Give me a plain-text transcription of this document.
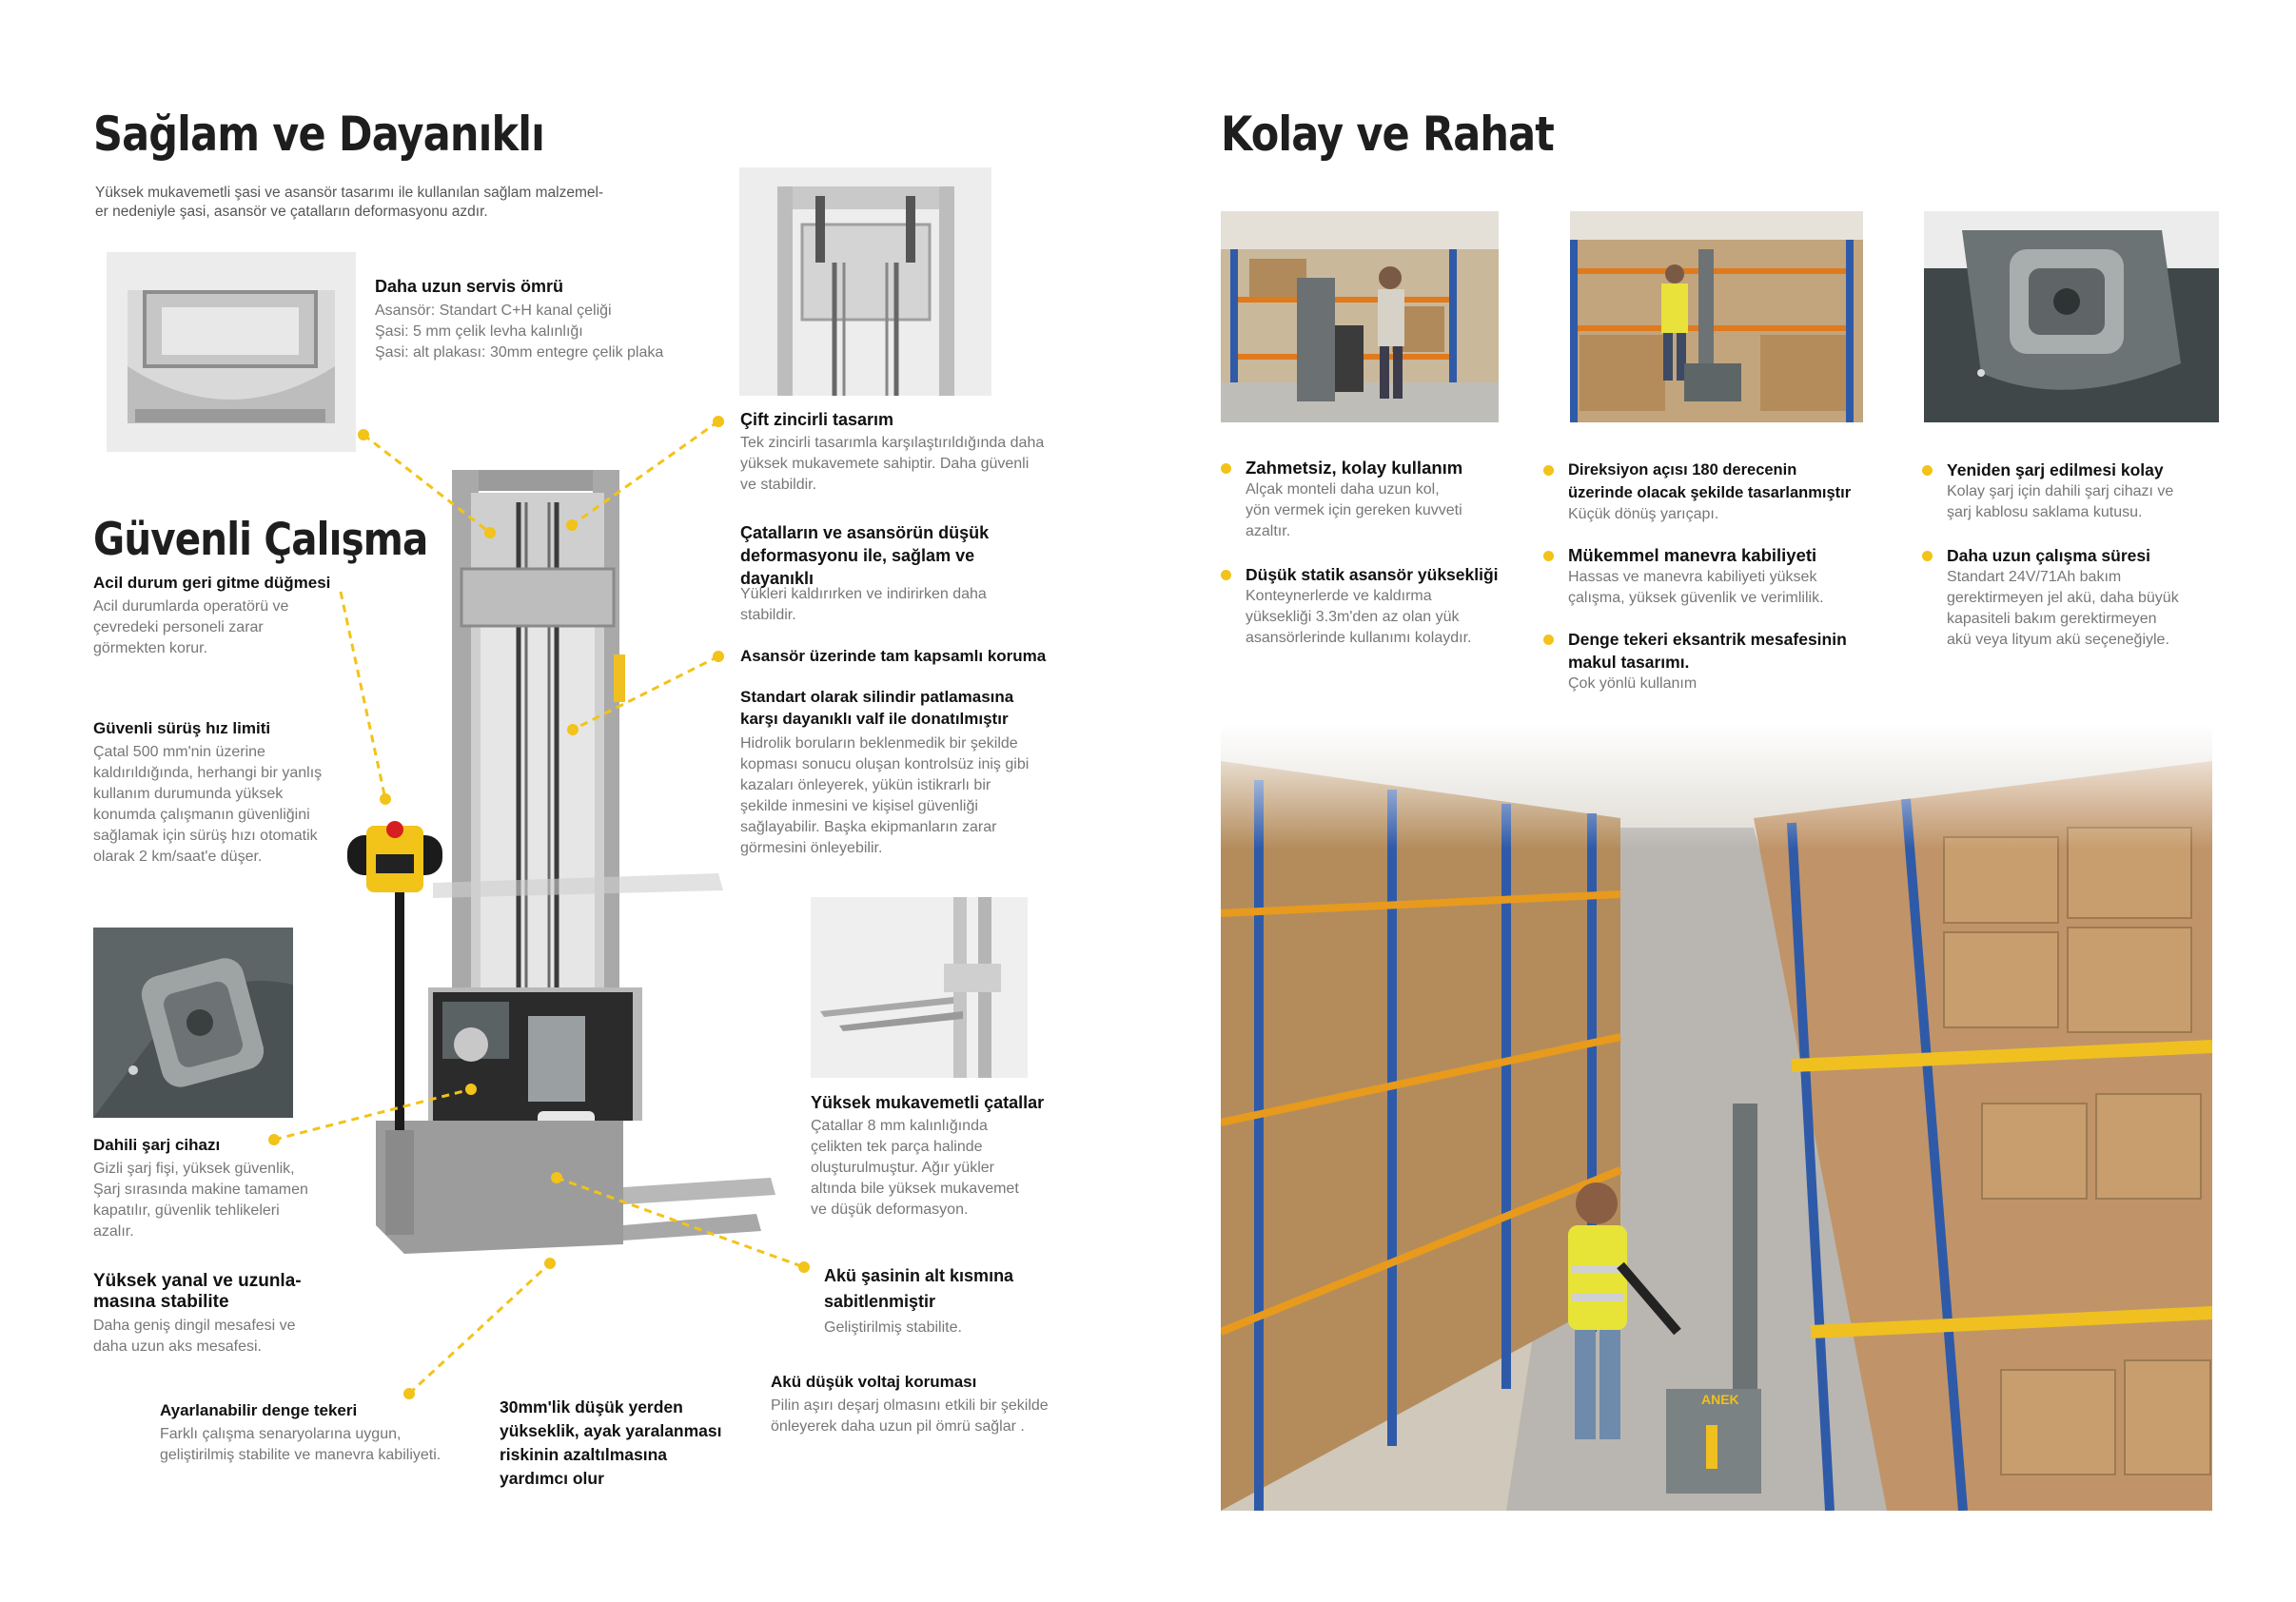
Sağlam ve Dayanıklı
Yüksek mukavemetli şasi ve asansör tasarımı ile kullanılan sağlam malzemel-
er nedeniyle şasi, asansör ve çatalların deformasyonu azdır.
Güvenli Çalışma
Daha uzun servis ömrü
Asansör: Standart C+H kanal çeliği
Şasi: 5 mm çelik levha kalınlığı
Şasi: alt plakası: 30mm entegre çelik plaka
Acil durum geri gitme düğmesi
Acil durumlarda operatörü ve
çevredeki personeli zarar
görmekten korur.
Güvenli sürüş hız limiti
Çatal 500 mm'nin üzerine
kaldırıldığında, herhangi bir yanlış
kullanım durumunda yüksek
konumda çalışmanın güvenliğini
sağlamak için sürüş hızı otomatik
olarak 2 km/saat'e düşer.
Dahili şarj cihazı
Gizli şarj fişi, yüksek güvenlik,
Şarj sırasında makine tamamen
kapatılır, güvenlik tehlikeleri
azalır.
Yüksek yanal ve uzunla-
masına stabilite
Daha geniş dingil mesafesi ve
daha uzun aks mesafesi.
Ayarlanabilir denge tekeri
Farklı çalışma senaryolarına uygun,
geliştirilmiş stabilite ve manevra kabiliyeti.
30mm'lik düşük yerden
yükseklik, ayak yaralanması
riskinin azaltılmasına
yardımcı olur
Çift zincirli tasarım
Tek zincirli tasarımla karşılaştırıldığında daha
yüksek mukavemete sahiptir. Daha güvenli
ve stabildir.
Çatalların ve asansörün düşük
deformasyonu ile, sağlam ve
dayanıklı
Yükleri kaldırırken ve indirirken daha
stabildir.
Asansör üzerinde tam kapsamlı koruma
Standart olarak silindir patlamasına
karşı dayanıklı valf ile donatılmıştır
Hidrolik boruların beklenmedik bir şekilde
kopması sonucu oluşan kontrolsüz iniş gibi
kazaları önleyerek, yükün istikrarlı bir
şekilde inmesini ve kişisel güvenliği
sağlayabilir. Başka ekipmanların zarar
görmesini önleyebilir.
Yüksek mukavemetli çatallar
Çatallar 8 mm kalınlığında
çelikten tek parça halinde
oluşturulmuştur. Ağır yükler
altında bile yüksek mukavemet
ve düşük deformasyon.
Akü şasinin alt kısmına
sabitlenmiştir
Geliştirilmiş stabilite.
Akü düşük voltaj koruması
Pilin aşırı deşarj olmasını etkili bir şekilde
önleyerek daha uzun pil ömrü sağlar .
Kolay ve Rahat
Zahmetsiz, kolay kullanım
Alçak monteli daha uzun kol,
yön vermek için gereken kuvveti
azaltır.
Düşük statik asansör yüksekliği
Konteynerlerde ve kaldırma
yüksekliği 3.3m'den az olan yük
asansörlerinde kullanımı kolaydır.
Direksiyon açısı 180 derecenin
üzerinde olacak şekilde tasarlanmıştır
Küçük dönüş yarıçapı.
Mükemmel manevra kabiliyeti
Hassas ve manevra kabiliyeti yüksek
çalışma, yüksek güvenlik ve verimlilik.
Denge tekeri eksantrik mesafesinin
makul tasarımı.
Çok yönlü kullanım
Yeniden şarj edilmesi kolay
Kolay şarj için dahili şarj cihazı ve
şarj kablosu saklama kutusu.
Daha uzun çalışma süresi
Standart 24V/71Ah bakım
gerektirmeyen jel akü, daha büyük
kapasiteli bakım gerektirmeyen
akü veya lityum akü seçeneğiyle.
